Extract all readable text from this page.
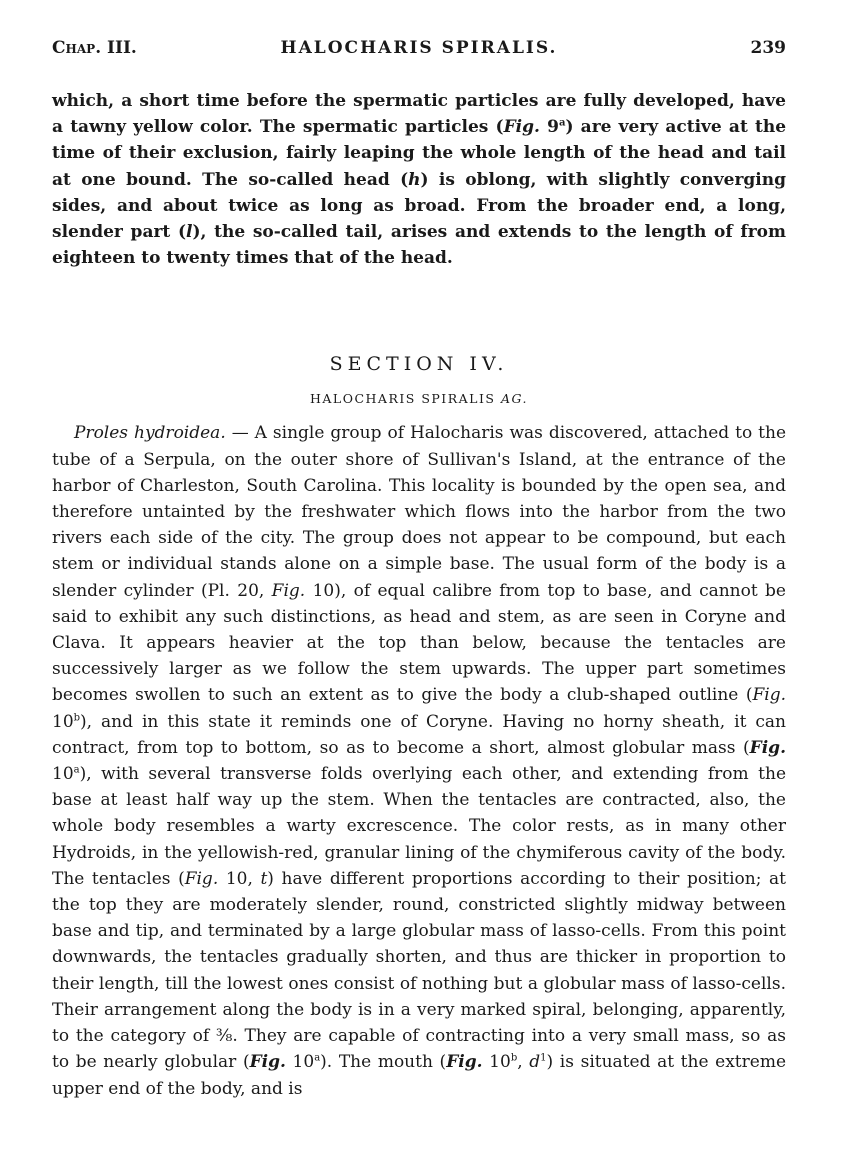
Chap. III.	HALOCHARIS SPIRALIS.	239

which, a short time before the spermatic particles are fully developed, have a tawny yellow color. The spermatic particles (Fig. 9$^a$) are very active at the time of their exclusion, fairly leaping the whole length of the head and tail at one bound. The so-called head (h) is oblong, with slightly converging sides, and about twice as long as broad. From the broader end, a long, slender part (l), the so-called tail, arises and extends to the length of from eighteen to twenty times that of the head.

SECTION IV.
HALOCHARIS SPIRALIS AG.

Proles hydroidea. — A single group of Halocharis was discovered, attached to the tube of a Serpula, on the outer shore of Sullivan's Island, at the entrance of the harbor of Charleston, South Carolina. This locality is bounded by the open sea, and therefore untainted by the freshwater which flows into the harbor from the two rivers each side of the city. The group does not appear to be compound, but each stem or individual stands alone on a simple base. The usual form of the body is a slender cylinder (Pl. 20, Fig. 10), of equal calibre from top to base, and cannot be said to exhibit any such distinctions, as head and stem, as are seen in Coryne and Clava. It appears heavier at the top than below, because the tentacles are successively larger as we follow the stem upwards. The upper part sometimes becomes swollen to such an extent as to give the body a club-shaped outline (Fig. 10$^b$), and in this state it reminds one of Coryne. Having no horny sheath, it can contract, from top to bottom, so as to become a short, almost globular mass (Fig. 10$^a$), with several transverse folds overlying each other, and extending from the base at least half way up the stem. When the tentacles are contracted, also, the whole body resembles a warty excrescence. The color rests, as in many other Hydroids, in the yellowish-red, granular lining of the chymiferous cavity of the body. The tentacles (Fig. 10, t) have different proportions according to their position; at the top they are moderately slender, round, constricted slightly midway between base and tip, and terminated by a large globular mass of lasso-cells. From this point downwards, the tentacles gradually shorten, and thus are thicker in proportion to their length, till the lowest ones consist of nothing but a globular mass of lasso-cells. Their arrangement along the body is in a very marked spiral, belonging, apparently, to the category of ⅜. They are capable of contracting into a very small mass, so as to be nearly globular (Fig. 10$^a$). The mouth (Fig. 10$^b$, $d^1$) is situated at the extreme upper end of the body, and is
